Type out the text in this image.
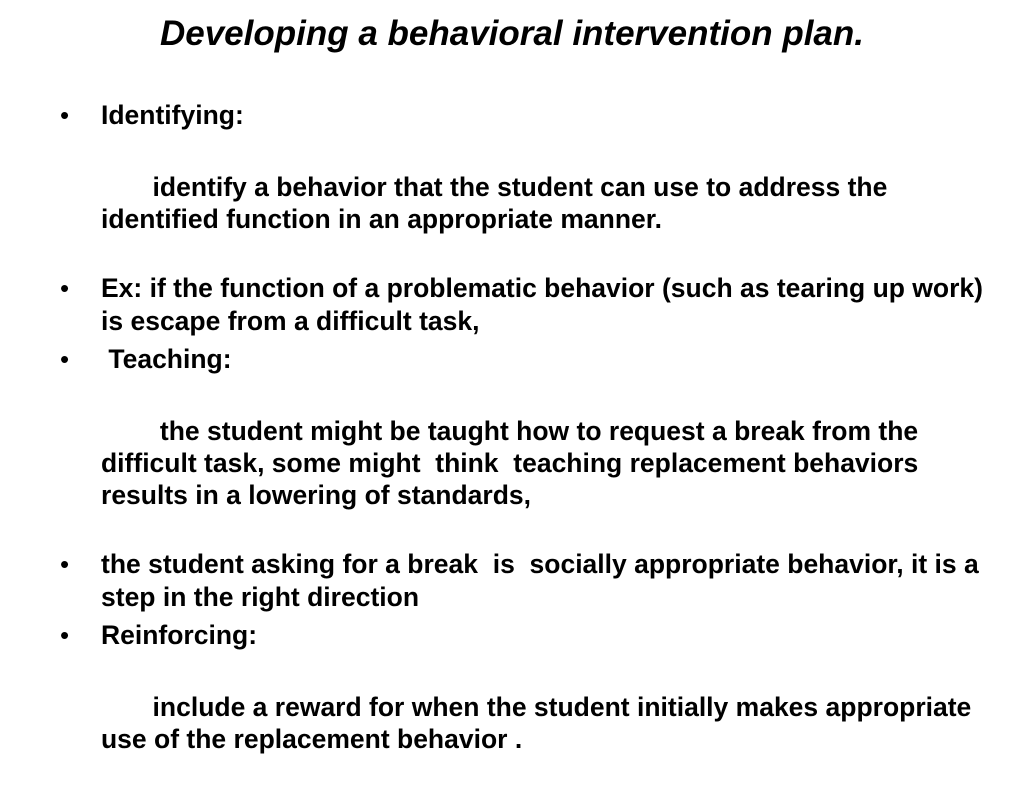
Developing a behavioral intervention plan.
• Identifying:

identify a behavior that the student can use to address the identified function in an appropriate manner.

• Ex: if the function of a problematic behavior (such as tearing up work) is escape from a difficult task,
• Teaching:

the student might be taught how to request a break from the difficult task, some might  think  teaching replacement behaviors results in a lowering of standards,

• the student asking for a break  is  socially appropriate behavior, it is a step in the right direction
• Reinforcing:

include a reward for when the student initially makes appropriate use of the replacement behavior .
